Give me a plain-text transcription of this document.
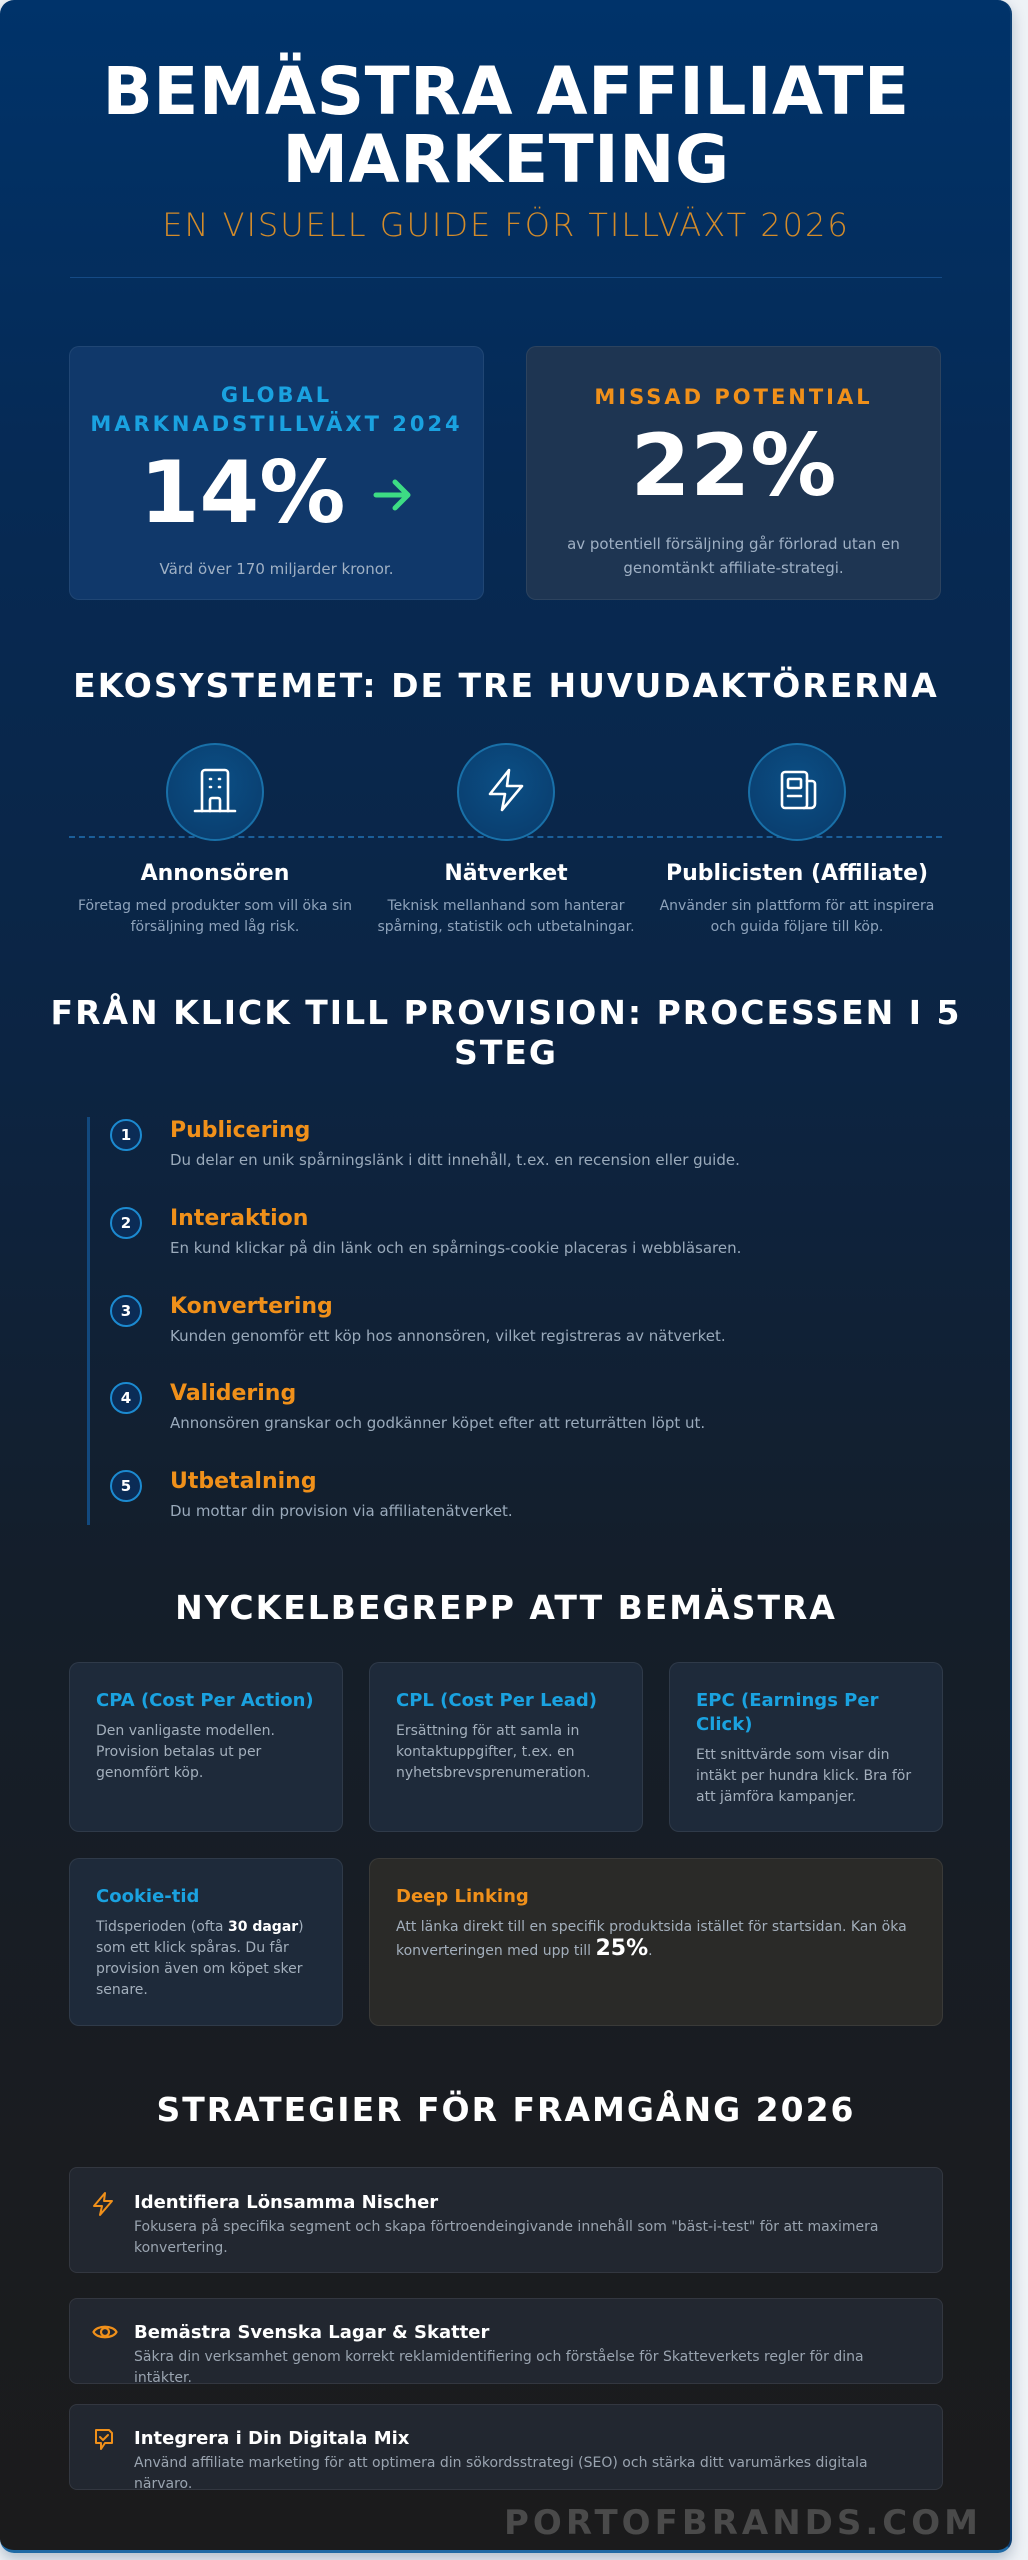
BEMÄSTRA AFFILIATE
MARKETING
EN VISUELL GUIDE FÖR TILLVÄXT 2026
GLOBAL
MARKNADSTILLVÄXT 2024
14%
Värd över 170 miljarder kronor.
MISSAD POTENTIAL
22%
av potentiell försäljning går förlorad utan en genomtänkt affiliate-strategi.
EKOSYSTEMET: DE TRE HUVUDAKTÖRERNA
Annonsören
Företag med produkter som vill öka sin försäljning med låg risk.
Nätverket
Teknisk mellanhand som hanterar spårning, statistik och utbetalningar.
Publicisten (Affiliate)
Använder sin plattform för att inspirera och guida följare till köp.
FRÅN KLICK TILL PROVISION: PROCESSEN I 5
STEG
1	Publicering
Du delar en unik spårningslänk i ditt innehåll, t.ex. en recension eller guide.
2	Interaktion
En kund klickar på din länk och en spårnings-cookie placeras i webbläsaren.
3	Konvertering
Kunden genomför ett köp hos annonsören, vilket registreras av nätverket.
4	Validering
Annonsören granskar och godkänner köpet efter att returrätten löpt ut.
5	Utbetalning
Du mottar din provision via affiliatenätverket.
NYCKELBEGREPP ATT BEMÄSTRA
CPA (Cost Per Action)
Den vanligaste modellen. Provision betalas ut per genomfört köp.
CPL (Cost Per Lead)
Ersättning för att samla in kontaktuppgifter, t.ex. en nyhetsbrevsprenumeration.
EPC (Earnings Per Click)
Ett snittvärde som visar din intäkt per hundra klick. Bra för att jämföra kampanjer.
Cookie-tid
Tidsperioden (ofta 30 dagar) som ett klick spåras. Du får provision även om köpet sker senare.
Deep Linking
Att länka direkt till en specifik produktsida istället för startsidan. Kan öka konverteringen med upp till 25%.
STRATEGIER FÖR FRAMGÅNG 2026
Identifiera Lönsamma Nischer
Fokusera på specifika segment och skapa förtroendeingivande innehåll som "bäst-i-test" för att maximera konvertering.
Bemästra Svenska Lagar & Skatter
Säkra din verksamhet genom korrekt reklamidentifiering och förståelse för Skatteverkets regler för dina intäkter.
Integrera i Din Digitala Mix
Använd affiliate marketing för att optimera din sökordsstrategi (SEO) och stärka ditt varumärkes digitala närvaro.
PORTOFBRANDS.COM
